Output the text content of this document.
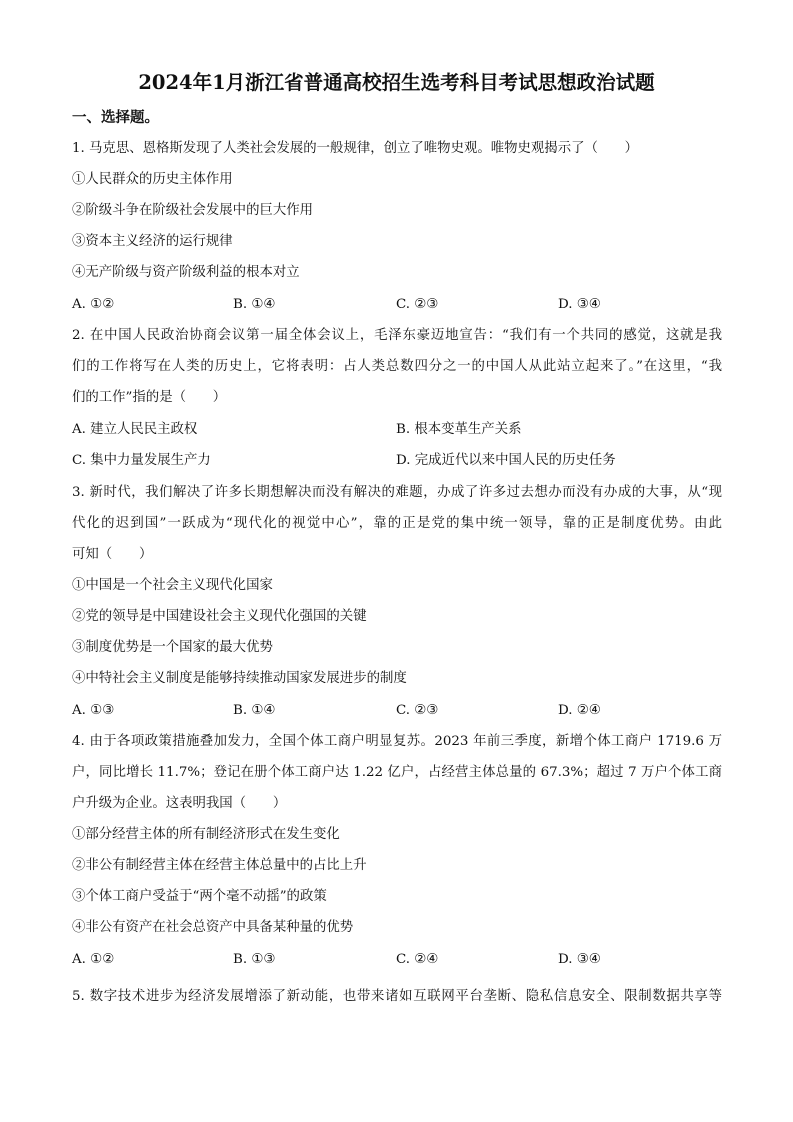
2024年1月浙江省普通高校招生选考科目考试思想政治试题
一、选择题。
1. 马克思、恩格斯发现了人类社会发展的一般规律，创立了唯物史观。唯物史观揭示了（　　）
①人民群众的历史主体作用
②阶级斗争在阶级社会发展中的巨大作用
③资本主义经济的运行规律
④无产阶级与资产阶级利益的根本对立
A. ①②	B. ①④	C. ②③	D. ③④
2. 在中国人民政治协商会议第一届全体会议上，毛泽东豪迈地宣告：“我们有一个共同的感觉，这就是我
们的工作将写在人类的历史上，它将表明：占人类总数四分之一的中国人从此站立起来了。”在这里，“我
们的工作”指的是（　　）
A. 建立人民民主政权	B. 根本变革生产关系
C. 集中力量发展生产力	D. 完成近代以来中国人民的历史任务
3. 新时代，我们解决了许多长期想解决而没有解决的难题，办成了许多过去想办而没有办成的大事，从“现
代化的迟到国”一跃成为“现代化的视觉中心”，靠的正是党的集中统一领导，靠的正是制度优势。由此
可知（　　）
①中国是一个社会主义现代化国家
②党的领导是中国建设社会主义现代化强国的关键
③制度优势是一个国家的最大优势
④中特社会主义制度是能够持续推动国家发展进步的制度
A. ①③	B. ①④	C. ②③	D. ②④
4. 由于各项政策措施叠加发力，全国个体工商户明显复苏。2023 年前三季度，新增个体工商户 1719.6 万
户，同比增长 11.7%；登记在册个体工商户达 1.22 亿户，占经营主体总量的 67.3%；超过 7 万户个体工商
户升级为企业。这表明我国（　　）
①部分经营主体的所有制经济形式在发生变化
②非公有制经营主体在经营主体总量中的占比上升
③个体工商户受益于“两个毫不动摇”的政策
④非公有资产在社会总资产中具备某种量的优势
A. ①②	B. ①③	C. ②④	D. ③④
5. 数字技术进步为经济发展增添了新动能，也带来诸如互联网平台垄断、隐私信息安全、限制数据共享等
